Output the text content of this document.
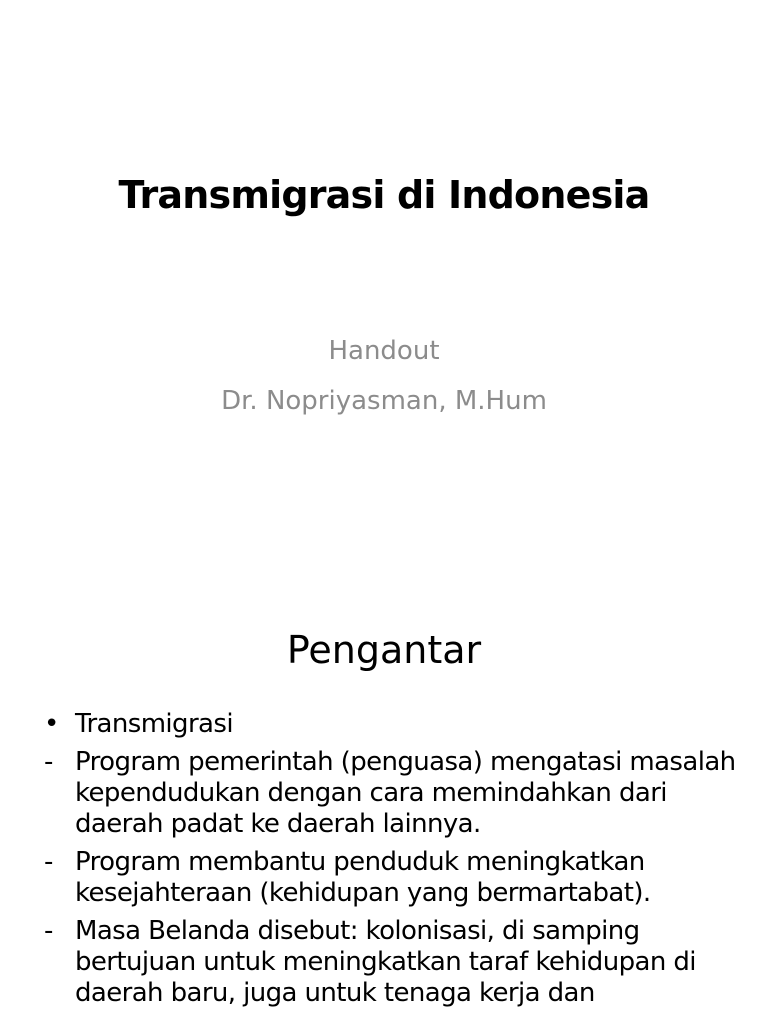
Transmigrasi di Indonesia
Handout
Dr. Nopriyasman, M.Hum
Pengantar
• Transmigrasi
- Program pemerintah (penguasa) mengatasi masalah kependudukan dengan cara memindahkan dari daerah padat ke daerah lainnya.
- Program membantu penduduk meningkatkan kesejahteraan (kehidupan yang bermartabat).
- Masa Belanda disebut: kolonisasi, di samping bertujuan untuk meningkatkan taraf kehidupan di daerah baru, juga untuk tenaga kerja dan
